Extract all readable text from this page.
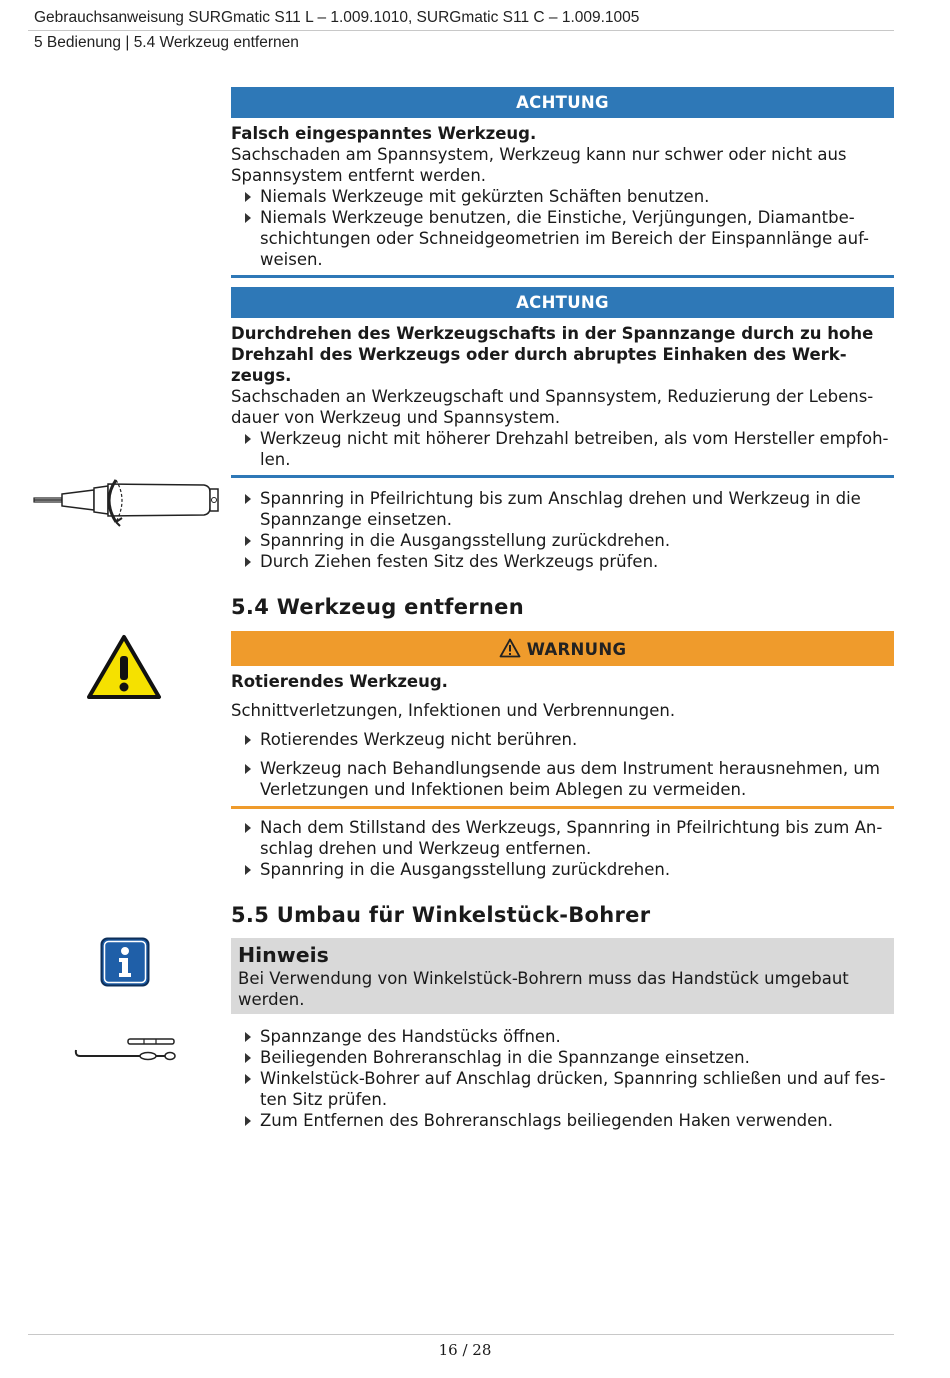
Gebrauchsanweisung SURGmatic S11 L – 1.009.1010, SURGmatic S11 C – 1.009.1005
5 Bedienung | 5.4 Werkzeug entfernen
ACHTUNG

Falsch eingespanntes Werkzeug.

Sachschaden am Spannsystem, Werkzeug kann nur schwer oder nicht aus Spannsystem entfernt werden.

Niemals Werkzeuge mit gekürzten Schäften benutzen.
Niemals Werkzeuge benutzen, die Einstiche, Verjüngungen, Diamantbe-schichtungen oder Schneidgeometrien im Bereich der Einspannlänge auf-weisen.
ACHTUNG

Durchdrehen des Werkzeugschafts in der Spannzange durch zu hohe Drehzahl des Werkzeugs oder durch abruptes Einhaken des Werk-zeugs.

Sachschaden an Werkzeugschaft und Spannsystem, Reduzierung der Lebens-dauer von Werkzeug und Spannsystem.

Werkzeug nicht mit höherer Drehzahl betreiben, als vom Hersteller empfoh-len.
Spannring in Pfeilrichtung bis zum Anschlag drehen und Werkzeug in die Spannzange einsetzen.
Spannring in die Ausgangsstellung zurückdrehen.
Durch Ziehen festen Sitz des Werkzeugs prüfen.
5.4 Werkzeug entfernen
WARNUNG

Rotierendes Werkzeug.

Schnittverletzungen, Infektionen und Verbrennungen.

Rotierendes Werkzeug nicht berühren.
Werkzeug nach Behandlungsende aus dem Instrument herausnehmen, um Verletzungen und Infektionen beim Ablegen zu vermeiden.
Nach dem Stillstand des Werkzeugs, Spannring in Pfeilrichtung bis zum An-schlag drehen und Werkzeug entfernen.
Spannring in die Ausgangsstellung zurückdrehen.
5.5 Umbau für Winkelstück-Bohrer
Hinweis

Bei Verwendung von Winkelstück-Bohrern muss das Handstück umgebaut werden.

Spannzange des Handstücks öffnen.
Beiliegenden Bohreranschlag in die Spannzange einsetzen.
Winkelstück-Bohrer auf Anschlag drücken, Spannring schließen und auf fes-ten Sitz prüfen.
Zum Entfernen des Bohreranschlags beiliegenden Haken verwenden.
16 / 28
